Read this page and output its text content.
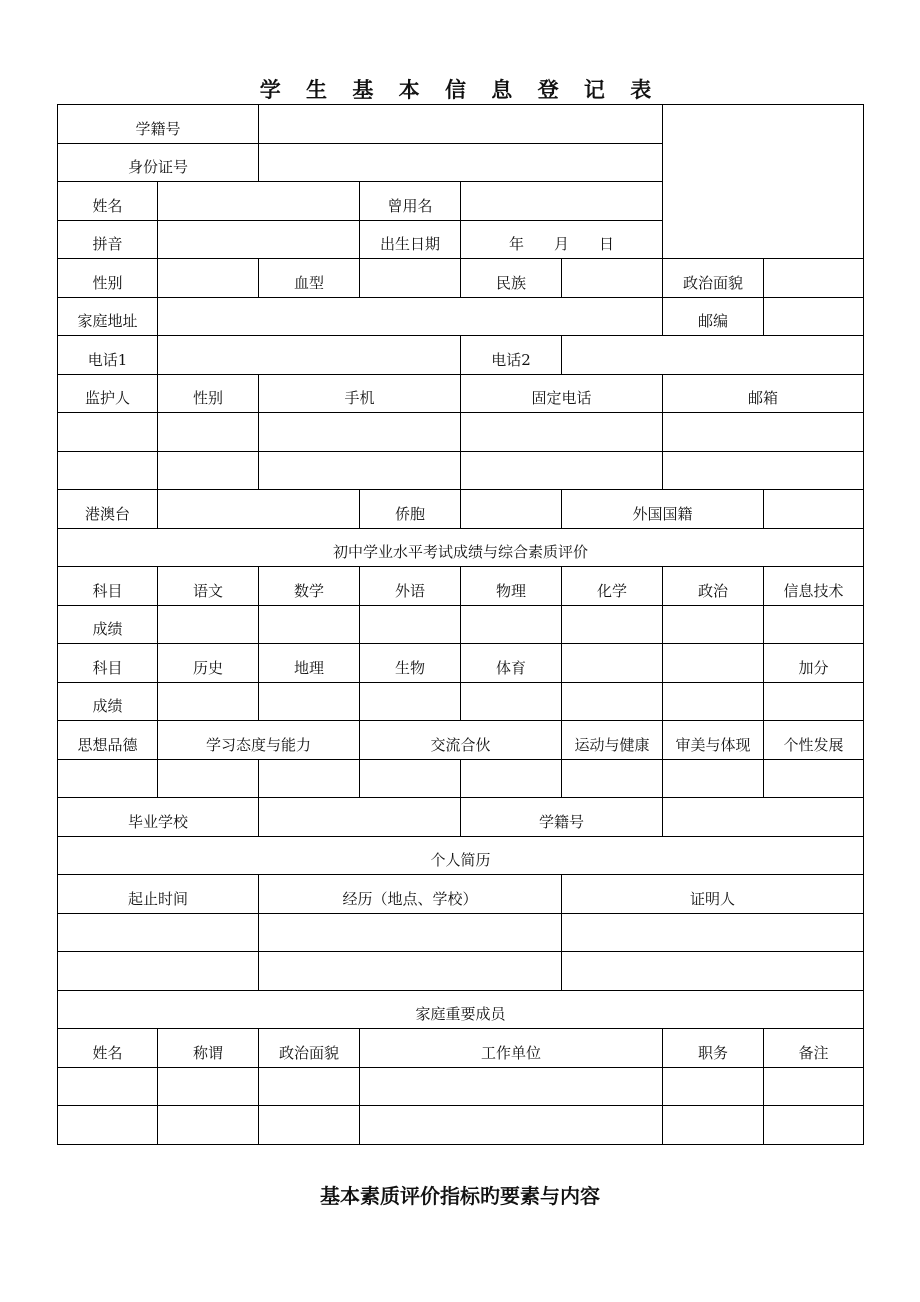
学 生 基 本 信 息 登 记 表
学籍号							
身份证号							
姓名			曾用名				
拼音			出生日期	年 月 日			
性别		血型		民族		政治面貌	
家庭地址						邮编	
电话1				电话2			
监护人	性别	手机		固定电话		邮箱	

港澳台			侨胞		外国国籍		
初中学业水平考试成绩与综合素质评价							
科目	语文	数学	外语	物理	化学	政治	信息技术
成绩							
科目	历史	地理	生物	体育			加分
成绩							
思想品德	学习态度与能力		交流合伙		运动与健康	审美与体现	个性发展

毕业学校				学籍号			
个人简历							
起止时间		经历（地点、学校）			证明人		

家庭重要成员							
姓名	称谓	政治面貌	工作单位			职务	备注

基本素质评价指标旳要素与内容
